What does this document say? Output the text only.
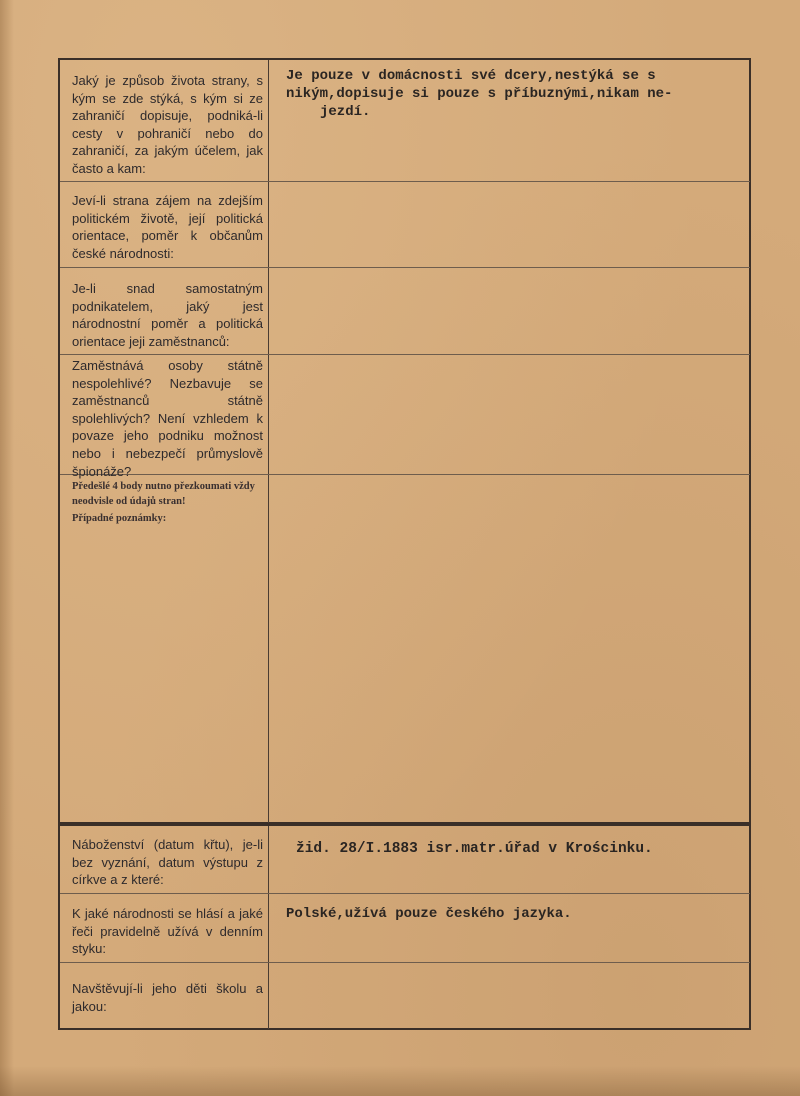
Jaký je způsob života strany, s kým se zde stýká, s kým si ze zahraničí dopisuje, podniká-li cesty v pohraničí nebo do zahraničí, za jakým účelem, jak často a kam:
Jeví-li strana zájem na zdejším politickém životě, její politická orientace, poměr k občanům české národnosti:
Je-li snad samostatným podnikatelem, jaký jest národnostní poměr a politická orientace jeji zaměstnanců:
Zaměstnává osoby státně nespolehlivé? Nezbavuje se zaměstnanců státně spolehlivých? Není vzhledem k povaze jeho podniku možnost nebo i nebezpečí průmyslově špionáže?
Předešlé 4 body nutno přezkoumati vždy neodvisle od údajů stran!
Případné poznámky:
Je pouze v domácnosti své dcery,nestýká se s
nikým,dopisuje si pouze s příbuznými,nikam ne-
jezdí.
Náboženství (datum křtu), je-li bez vyznání, datum výstupu z církve a z které:
K jaké národnosti se hlásí a jaké řeči pravidelně užívá v denním styku:
Navštěvují-li jeho děti školu a jakou:
žid. 28/I.1883 isr.matr.úřad v Krościnku.
Polské,užívá pouze českého jazyka.
